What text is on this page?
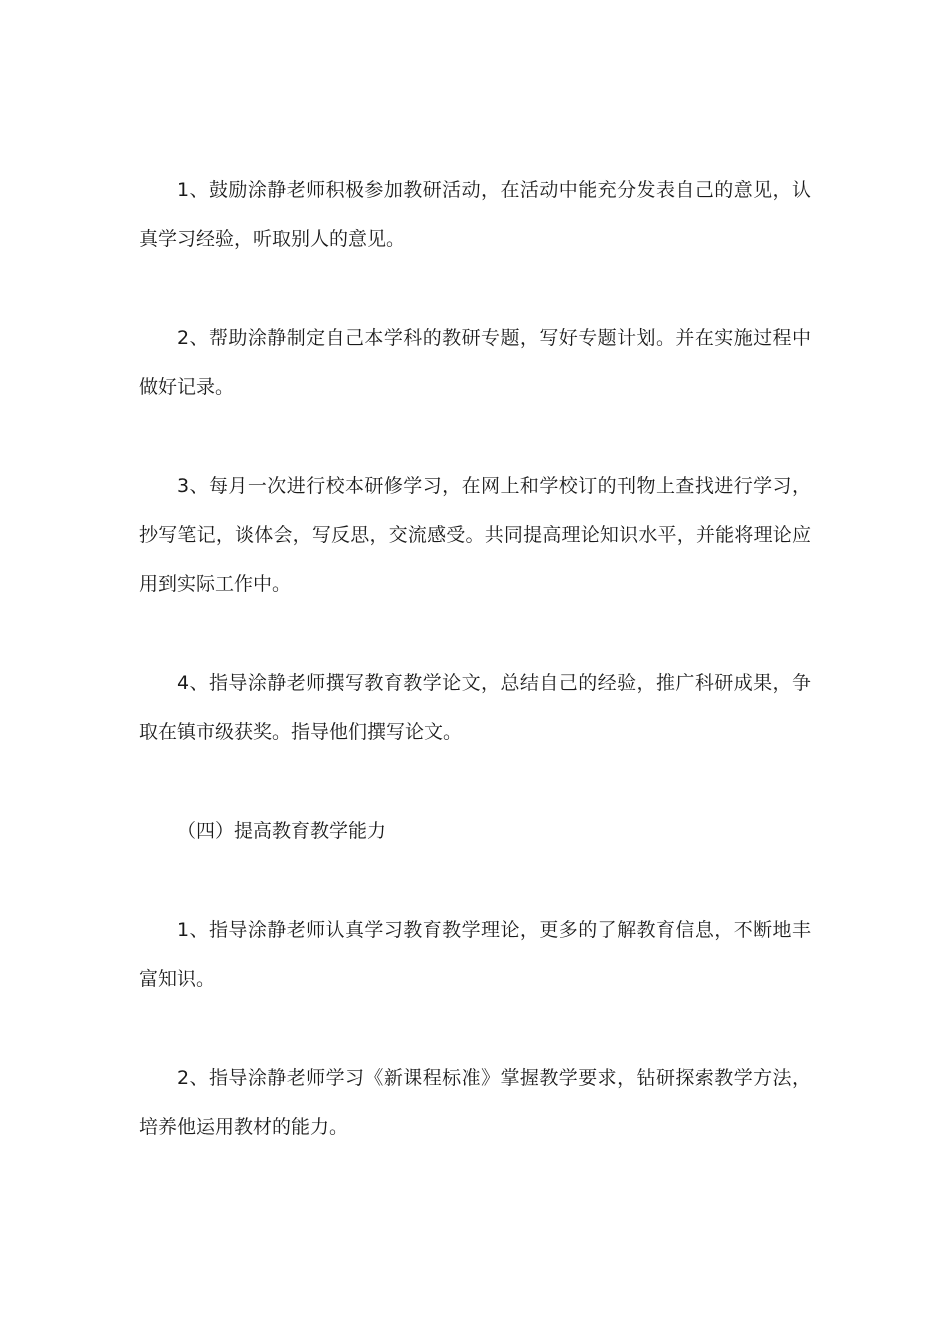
1、鼓励涂静老师积极参加教研活动，在活动中能充分发表自己的意见，认真学习经验，听取别人的意见。

2、帮助涂静制定自己本学科的教研专题，写好专题计划。并在实施过程中做好记录。

3、每月一次进行校本研修学习，在网上和学校订的刊物上查找进行学习，抄写笔记，谈体会，写反思，交流感受。共同提高理论知识水平，并能将理论应用到实际工作中。

4、指导涂静老师撰写教育教学论文，总结自己的经验，推广科研成果，争取在镇市级获奖。指导他们撰写论文。

（四）提高教育教学能力

1、指导涂静老师认真学习教育教学理论，更多的了解教育信息，不断地丰富知识。

2、指导涂静老师学习《新课程标准》掌握教学要求，钻研探索教学方法，培养他运用教材的能力。
